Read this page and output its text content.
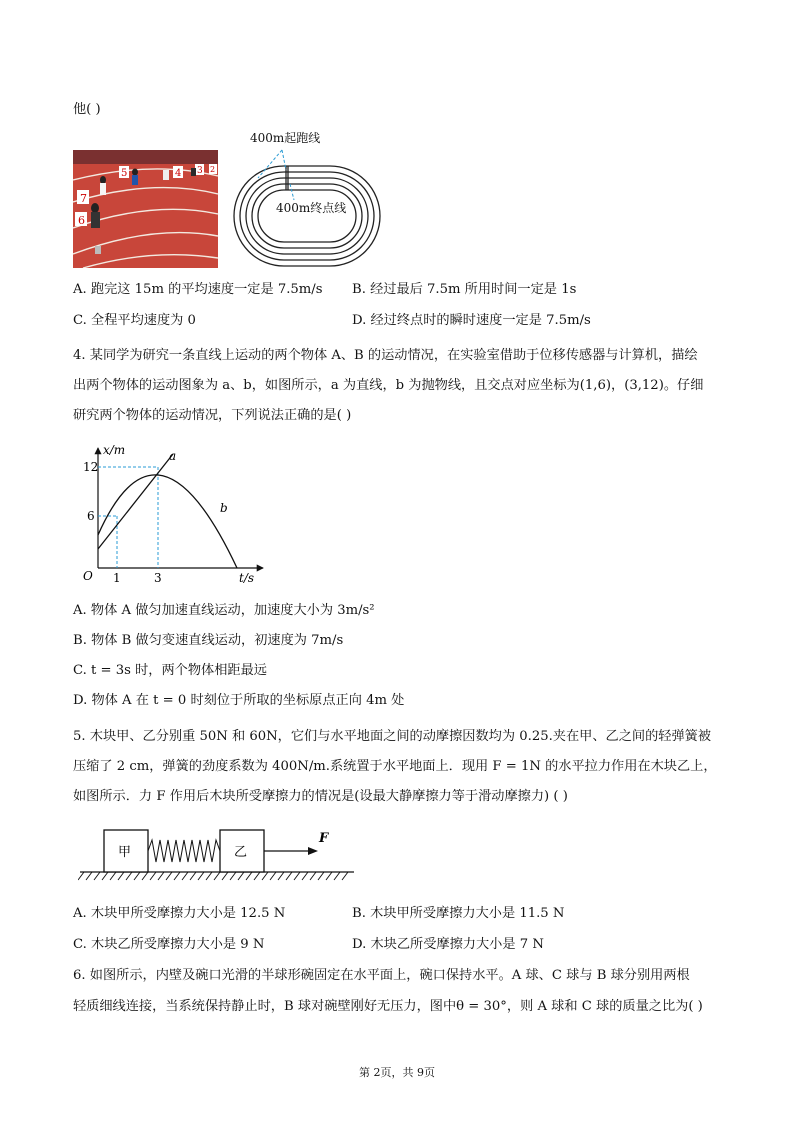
他( )
7
6
5	4 3 2
400m起跑线
400m终点线
A. 跑完这 15m 的平均速度一定是 7.5m/s B. 经过最后 7.5m 所用时间一定是 1s
C. 全程平均速度为 0	D. 经过终点时的瞬时速度一定是 7.5m/s
4. 某同学为研究一条直线上运动的两个物体 A、B 的运动情况，在实验室借助于位移传感器与计算机，描绘
出两个物体的运动图象为 a、b，如图所示，a 为直线，b 为抛物线，且交点对应坐标为(1,6)，(3,12)。仔细
研究两个物体的运动情况，下列说法正确的是( )
x/m
t/s
O
12
6
1	3
a
b
A. 物体 A 做匀加速直线运动，加速度大小为 3m/s²
B. 物体 B 做匀变速直线运动，初速度为 7m/s
C. t = 3s 时，两个物体相距最远
D. 物体 A 在 t = 0 时刻位于所取的坐标原点正向 4m 处
5. 木块甲、乙分别重 50N 和 60N，它们与水平地面之间的动摩擦因数均为 0.25.夹在甲、乙之间的轻弹簧被
压缩了 2 cm，弹簧的劲度系数为 400N/m.系统置于水平地面上．现用 F = 1N 的水平拉力作用在木块乙上，
如图所示．力 F 作用后木块所受摩擦力的情况是(设最大静摩擦力等于滑动摩擦力) ( )
甲	乙
F
A. 木块甲所受摩擦力大小是 12.5 N	B. 木块甲所受摩擦力大小是 11.5 N
C. 木块乙所受摩擦力大小是 9 N	D. 木块乙所受摩擦力大小是 7 N
6. 如图所示，内壁及碗口光滑的半球形碗固定在水平面上，碗口保持水平。A 球、C 球与 B 球分别用两根
轻质细线连接，当系统保持静止时，B 球对碗壁刚好无压力，图中θ = 30°，则 A 球和 C 球的质量之比为( )
第 2页，共 9页
